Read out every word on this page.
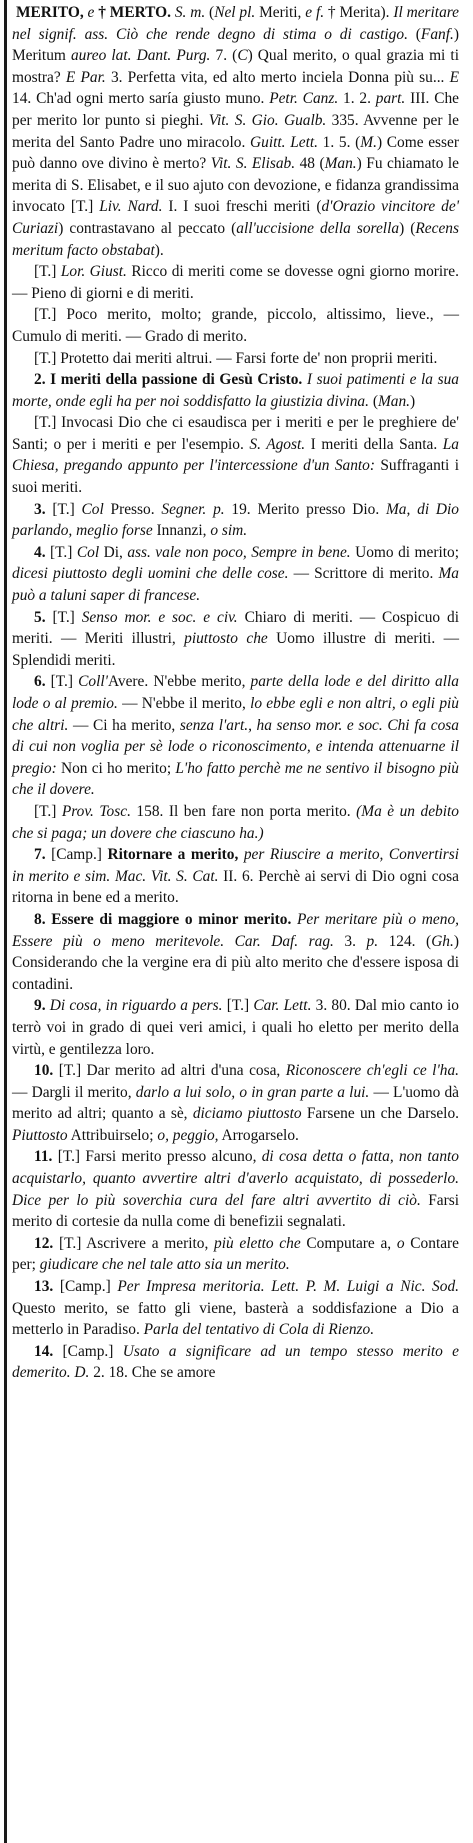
MERITO, e † MERTO. S. m. (Nel pl. Meriti, e f. † Merita). Il meritare nel signif. ass. Ciò che rende degno di stima o di castigo. (Fanf.) Meritum aureo lat. Dant. Purg. 7. (C) Qual merito, o qual grazia mi ti mostra? E Par. 3. Perfetta vita, ed alto merto inciela Donna più su... E 14. Ch'ad ogni merto saría giusto muno. Petr. Canz. 1. 2. part. III. Che per merito lor punto si pieghi. Vit. S. Gio. Gualb. 335. Avvenne per le merita del Santo Padre uno miracolo. Guitt. Lett. 1. 5. (M.) Come esser può danno ove divino è merto? Vit. S. Elisab. 48 (Man.) Fu chiamato le merita di S. Elisabet, e il suo ajuto con devozione, e fidanza grandissima invocato [T.] Liv. Nard. I. I suoi freschi meriti (d'Orazio vincitore de' Curiazi) contrastavano al peccato (all'uccisione della sorella) (Recens meritum facto obstabat).

[T.] Lor. Giust. Ricco di meriti come se dovesse ogni giorno morire. — Pieno di giorni e di meriti.

[T.] Poco merito, molto; grande, piccolo, altissimo, lieve., — Cumulo di meriti. — Grado di merito.

[T.] Protetto dai meriti altrui. — Farsi forte de' non proprii meriti.

2. I meriti della passione di Gesù Cristo. I suoi patimenti e la sua morte, onde egli ha per noi soddisfatto la giustizia divina. (Man.)

[T.] Invocasi Dio che ci esaudisca per i meriti e per le preghiere de' Santi; o per i meriti e per l'esempio. S. Agost. I meriti della Santa. La Chiesa, pregando appunto per l'intercessione d'un Santo: Suffraganti i suoi meriti.

3. [T.] Col Presso. Segner. p. 19. Merito presso Dio. Ma, di Dio parlando, meglio forse Innanzi, o sim.

4. [T.] Col Di, ass. vale non poco, Sempre in bene. Uomo di merito; dicesi piuttosto degli uomini che delle cose. — Scrittore di merito. Ma può a taluni saper di francese.

5. [T.] Senso mor. e soc. e civ. Chiaro di meriti. — Cospicuo di meriti. — Meriti illustri, piuttosto che Uomo illustre di meriti. — Splendidi meriti.

6. [T.] Coll'Avere. N'ebbe merito, parte della lode e del diritto alla lode o al premio. — N'ebbe il merito, lo ebbe egli e non altri, o egli più che altri. — Ci ha merito, senza l'art., ha senso mor. e soc. Chi fa cosa di cui non voglia per sè lode o riconoscimento, e intenda attenuarne il pregio: Non ci ho merito; L'ho fatto perchè me ne sentivo il bisogno più che il dovere.

[T.] Prov. Tosc. 158. Il ben fare non porta merito. (Ma è un debito che si paga; un dovere che ciascuno ha.)

7. [Camp.] Ritornare a merito, per Riuscire a merito, Convertirsi in merito e sim. Mac. Vit. S. Cat. II. 6. Perchè ai servi di Dio ogni cosa ritorna in bene ed a merito.

8. Essere di maggiore o minor merito. Per meritare più o meno, Essere più o meno meritevole. Car. Daf. rag. 3. p. 124. (Gh.) Considerando che la vergine era di più alto merito che d'essere isposa di contadini.

9. Di cosa, in riguardo a pers. [T.] Car. Lett. 3. 80. Dal mio canto io terrò voi in grado di quei veri amici, i quali ho eletto per merito della virtù, e gentilezza loro.

10. [T.] Dar merito ad altri d'una cosa, Riconoscere ch'egli ce l'ha. — Dargli il merito, darlo a lui solo, o in gran parte a lui. — L'uomo dà merito ad altri; quanto a sè, diciamo piuttosto Farsene un che Darselo. Piuttosto Attribuirselo; o, peggio, Arrogarselo.

11. [T.] Farsi merito presso alcuno, di cosa detta o fatta, non tanto acquistarlo, quanto avvertire altri d'averlo acquistato, di possederlo. Dice per lo più soverchia cura del fare altri avvertito di ciò. Farsi merito di cortesie da nulla come di benefizii segnalati.

12. [T.] Ascrivere a merito, più eletto che Computare a, o Contare per; giudicare che nel tale atto sia un merito.

13. [Camp.] Per Impresa meritoria. Lett. P. M. Luigi a Nic. Sod. Questo merito, se fatto gli viene, basterà a soddisfazione a Dio a metterlo in Paradiso. Parla del tentativo di Cola di Rienzo.

14. [Camp.] Usato a significare ad un tempo stesso merito e demerito. D. 2. 18. Che se amore
